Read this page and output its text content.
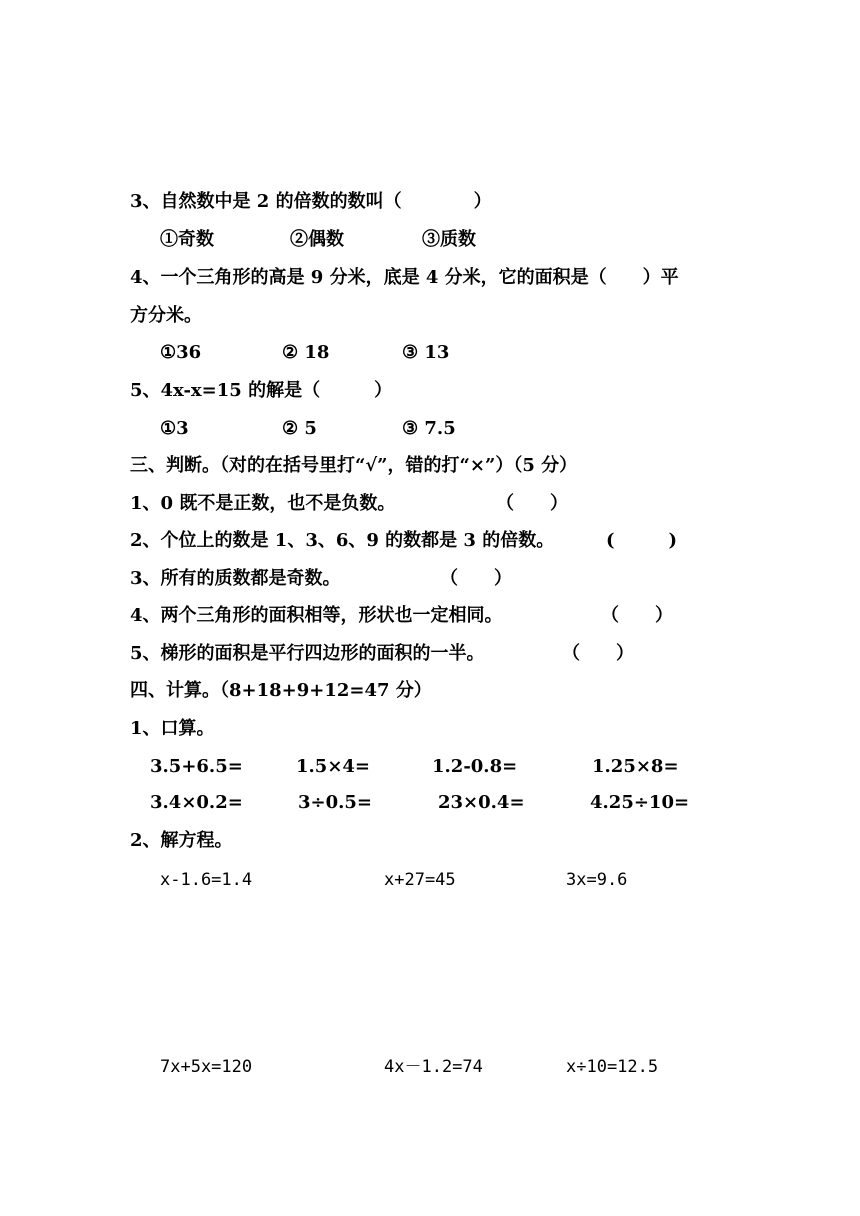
3、自然数中是 2 的倍数的数叫（　　　　）
①奇数	②偶数	③质数
4、一个三角形的高是 9 分米，底是 4 分米，它的面积是（　　）平
方分米。
①36	② 18	③ 13
5、4x-x=15 的解是（　　　）
①3	② 5	③ 7.5
三、判断。（对的在括号里打“√”，错的打“×”）（5 分）
1、0 既不是正数，也不是负数。	（　　）
2、个位上的数是 1、3、6、9 的数都是 3 的倍数。	(　　　)
3、所有的质数都是奇数。	（　　）
4、两个三角形的面积相等，形状也一定相同。	（　　）
5、梯形的面积是平行四边形的面积的一半。	（　　）
四、计算。（8+18+9+12=47 分）
1、口算。
3.5+6.5=	1.5×4=	1.2-0.8=	1.25×8=
3.4×0.2=	3÷0.5=	23×0.4=	4.25÷10=
2、解方程。
x-1.6=1.4	x+27=45	3x=9.6
7x+5x=120	4x－1.2=74	x÷10=12.5
